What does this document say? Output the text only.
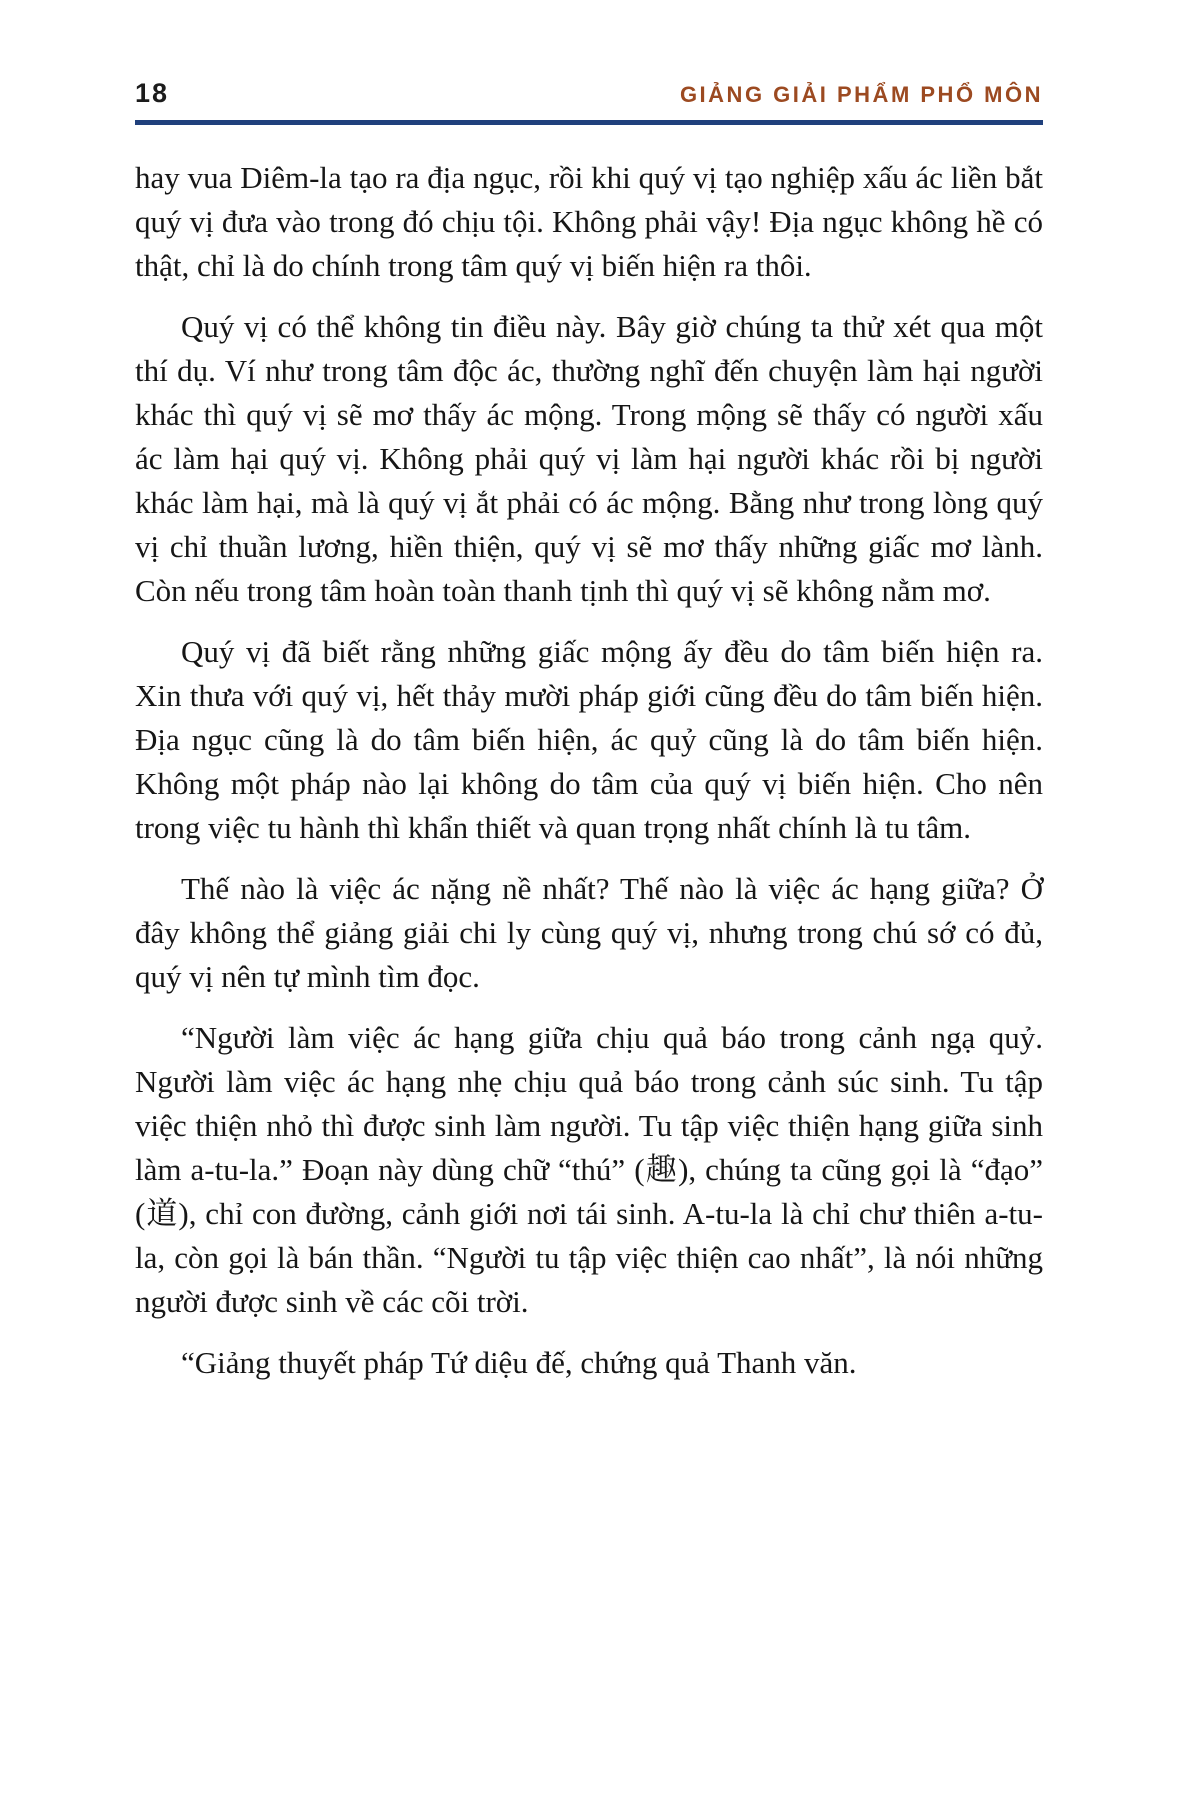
18	GIẢNG GIẢI PHẨM PHỔ MÔN

hay vua Diêm-la tạo ra địa ngục, rồi khi quý vị tạo nghiệp xấu ác liền bắt quý vị đưa vào trong đó chịu tội. Không phải vậy! Địa ngục không hề có thật, chỉ là do chính trong tâm quý vị biến hiện ra thôi.

Quý vị có thể không tin điều này. Bây giờ chúng ta thử xét qua một thí dụ. Ví như trong tâm độc ác, thường nghĩ đến chuyện làm hại người khác thì quý vị sẽ mơ thấy ác mộng. Trong mộng sẽ thấy có người xấu ác làm hại quý vị. Không phải quý vị làm hại người khác rồi bị người khác làm hại, mà là quý vị ắt phải có ác mộng. Bằng như trong lòng quý vị chỉ thuần lương, hiền thiện, quý vị sẽ mơ thấy những giấc mơ lành. Còn nếu trong tâm hoàn toàn thanh tịnh thì quý vị sẽ không nằm mơ.

Quý vị đã biết rằng những giấc mộng ấy đều do tâm biến hiện ra. Xin thưa với quý vị, hết thảy mười pháp giới cũng đều do tâm biến hiện. Địa ngục cũng là do tâm biến hiện, ác quỷ cũng là do tâm biến hiện. Không một pháp nào lại không do tâm của quý vị biến hiện. Cho nên trong việc tu hành thì khẩn thiết và quan trọng nhất chính là tu tâm.

Thế nào là việc ác nặng nề nhất? Thế nào là việc ác hạng giữa? Ở đây không thể giảng giải chi ly cùng quý vị, nhưng trong chú sớ có đủ, quý vị nên tự mình tìm đọc.

“Người làm việc ác hạng giữa chịu quả báo trong cảnh ngạ quỷ. Người làm việc ác hạng nhẹ chịu quả báo trong cảnh súc sinh. Tu tập việc thiện nhỏ thì được sinh làm người. Tu tập việc thiện hạng giữa sinh làm a-tu-la.” Đoạn này dùng chữ “thú” (趣), chúng ta cũng gọi là “đạo” (道), chỉ con đường, cảnh giới nơi tái sinh. A-tu-la là chỉ chư thiên a-tu-la, còn gọi là bán thần. “Người tu tập việc thiện cao nhất”, là nói những người được sinh về các cõi trời.

“Giảng thuyết pháp Tứ diệu đế, chứng quả Thanh văn.
